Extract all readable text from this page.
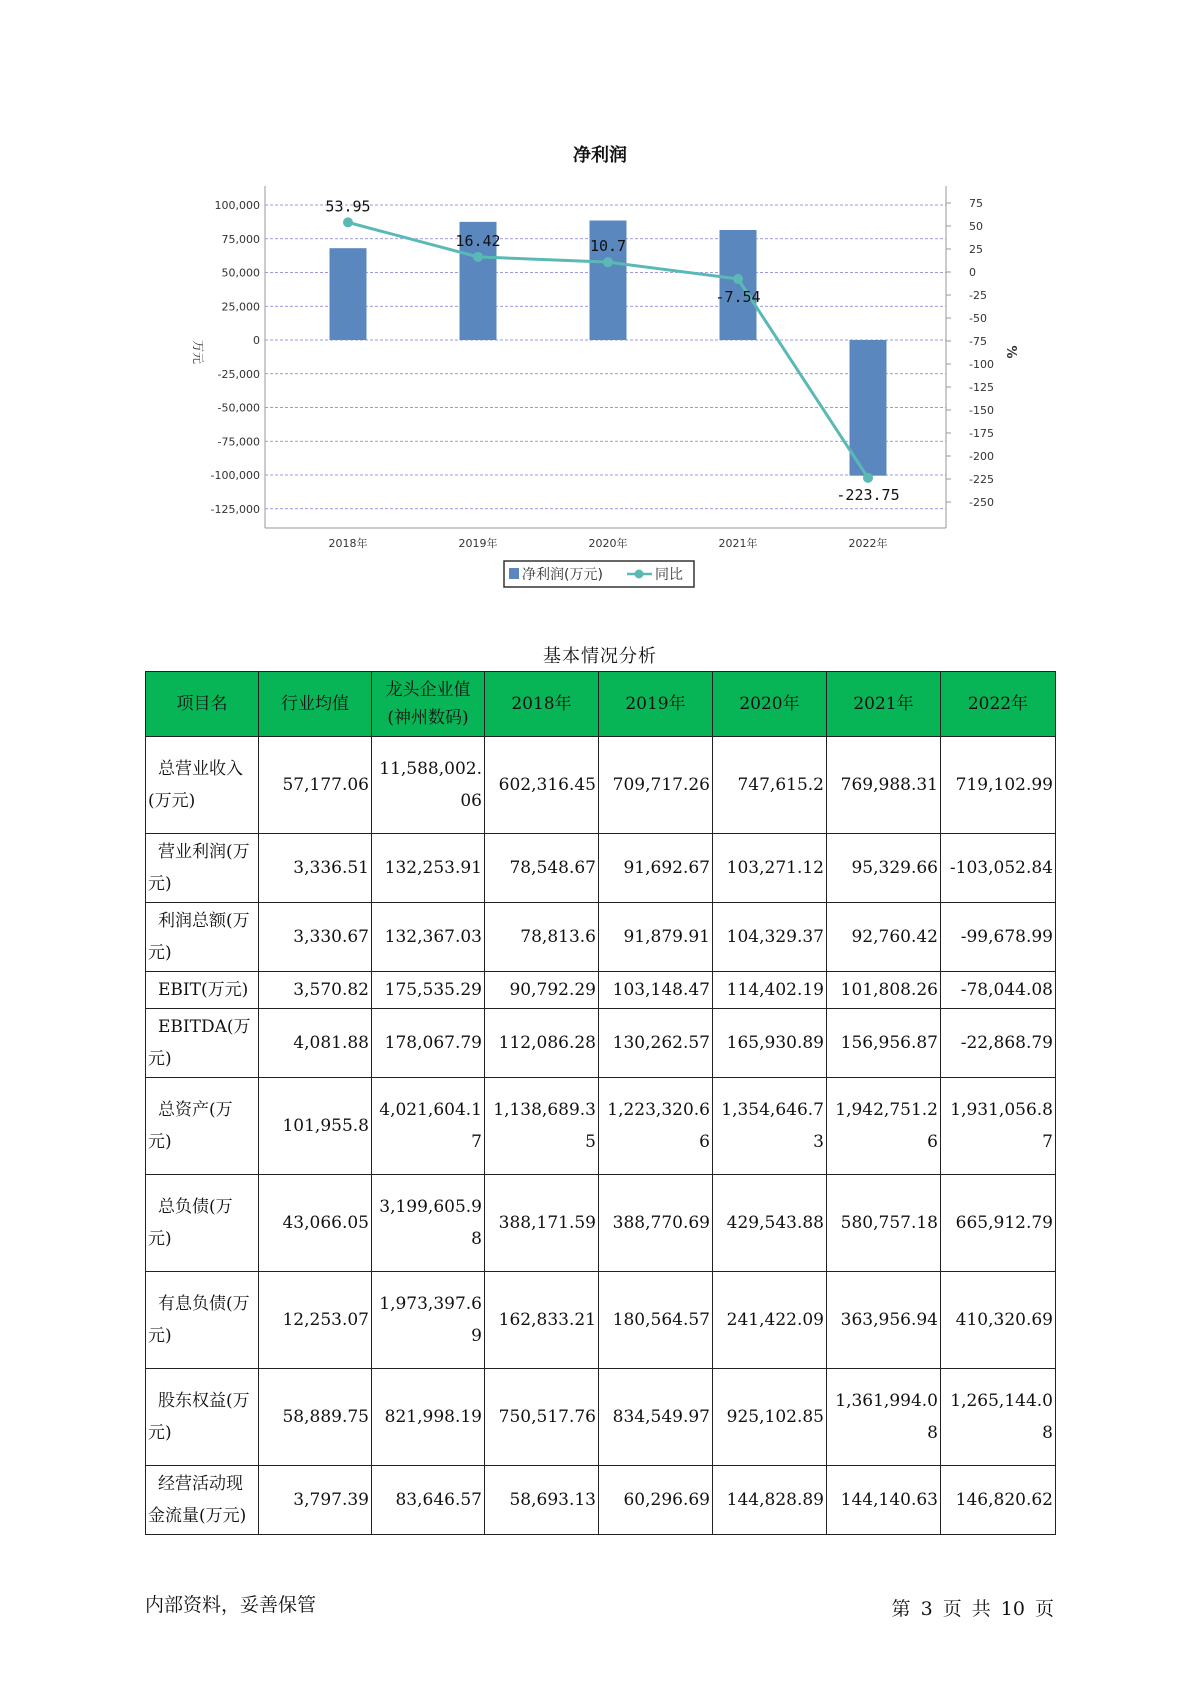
净利润
53.95
16.42	10.7
-7.54
-223.75
100,000
75,000
50,000
25,000
0
-25,000
-50,000
-75,000
-100,000
-125,000
75
50
25
0
-25
-50
-75
-100
-125
-150
-175
-200
-225
-250
2018年	2019年	2020年	2021年	2022年
万元	%
净利润(万元)	同比
基本情况分析
项目名	行业均值	龙头企业值(神州数码)	2018年	2019年	2020年	2021年	2022年
总营业收入(万元)	57,177.06	11,588,002.06	602,316.45	709,717.26	747,615.2	769,988.31	719,102.99
营业利润(万元)	3,336.51	132,253.91	78,548.67	91,692.67	103,271.12	95,329.66	-103,052.84
利润总额(万元)	3,330.67	132,367.03	78,813.6	91,879.91	104,329.37	92,760.42	-99,678.99
EBIT(万元)	3,570.82	175,535.29	90,792.29	103,148.47	114,402.19	101,808.26	-78,044.08
EBITDA(万元)	4,081.88	178,067.79	112,086.28	130,262.57	165,930.89	156,956.87	-22,868.79
总资产(万元)	101,955.8	4,021,604.17	1,138,689.35	1,223,320.66	1,354,646.73	1,942,751.26	1,931,056.87
总负债(万元)	43,066.05	3,199,605.98	388,171.59	388,770.69	429,543.88	580,757.18	665,912.79
有息负债(万元)	12,253.07	1,973,397.69	162,833.21	180,564.57	241,422.09	363,956.94	410,320.69
股东权益(万元)	58,889.75	821,998.19	750,517.76	834,549.97	925,102.85	1,361,994.08	1,265,144.08
经营活动现金流量(万元)	3,797.39	83,646.57	58,693.13	60,296.69	144,828.89	144,140.63	146,820.62
内部资料，妥善保管	第 3 页 共 10 页
